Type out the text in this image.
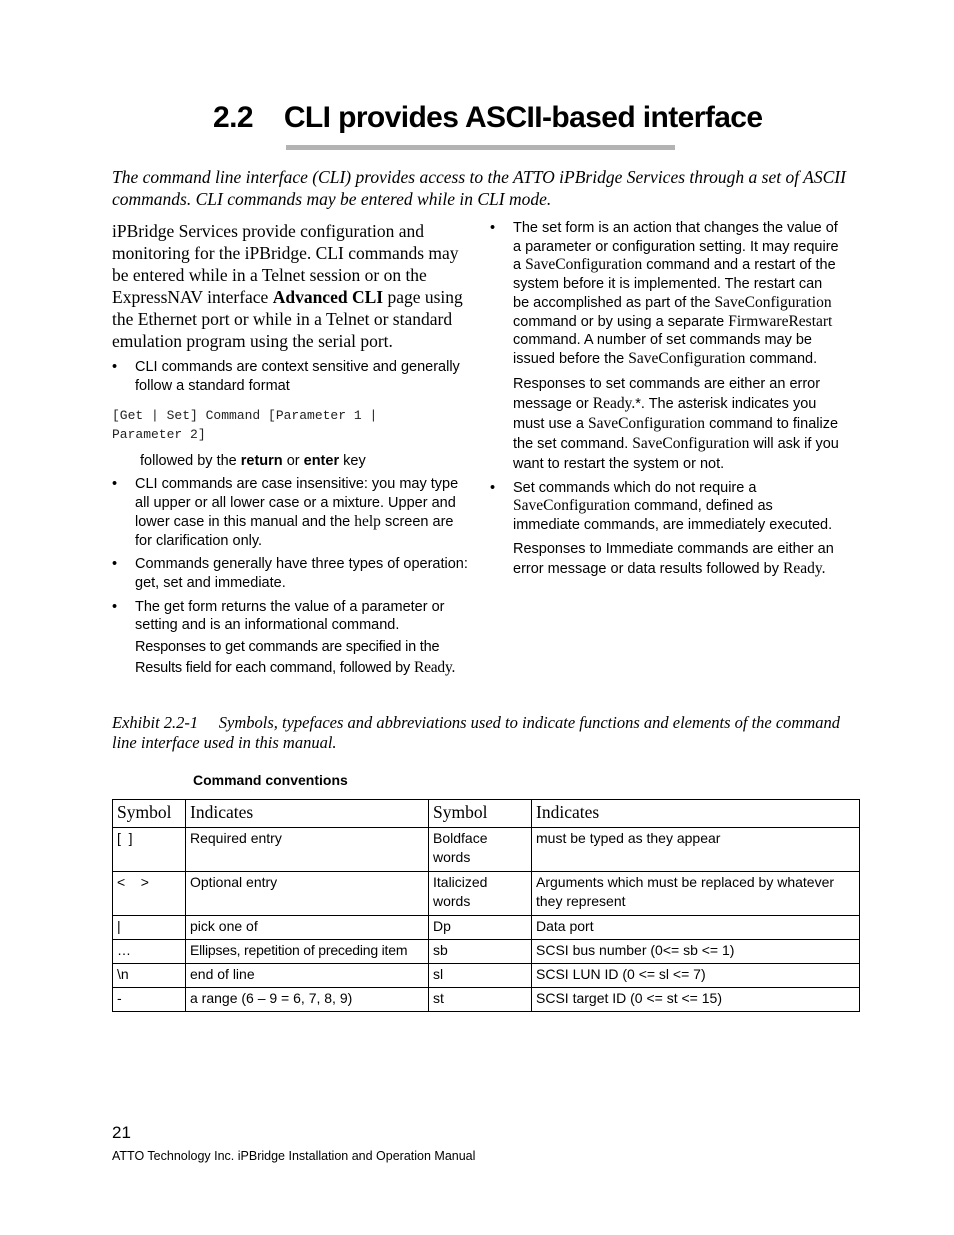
2.2    CLI provides ASCII-based interface

The command line interface (CLI) provides access to the ATTO iPBridge Services through a set of ASCII commands. CLI commands may be entered while in CLI mode.

iPBridge Services provide configuration and monitoring for the iPBridge. CLI commands may be entered while in a Telnet session or on the ExpressNAV interface Advanced CLI page using the Ethernet port or while in a Telnet or standard emulation program using the serial port.

• CLI commands are context sensitive and generally follow a standard format

[Get | Set] Command [Parameter 1 |

Parameter 2]

followed by the return or enter key
• CLI commands are case insensitive: you may type all upper or all lower case or a mixture. Upper and lower case in this manual and the help screen are for clarification only.
• Commands generally have three types of operation: get, set and immediate.
• The get form returns the value of a parameter or setting and is an informational command.
Responses to get commands are specified in the Results field for each command, followed by Ready.
• The set form is an action that changes the value of a parameter or configuration setting. It may require a SaveConfiguration command and a restart of the system before it is implemented. The restart can be accomplished as part of the SaveConfiguration command or by using a separate FirmwareRestart command. A number of set commands may be issued before the SaveConfiguration command.
Responses to set commands are either an error message or Ready.*. The asterisk indicates you must use a SaveConfiguration command to finalize the set command. SaveConfiguration will ask if you want to restart the system or not.
• Set commands which do not require a SaveConfiguration command, defined as immediate commands, are immediately executed.
Responses to Immediate commands are either an error message or data results followed by Ready.

Exhibit 2.2-1     Symbols, typefaces and abbreviations used to indicate functions and elements of the command line interface used in this manual.

Command conventions
Symbol	Indicates	Symbol	Indicates
[  ]	Required entry	Boldface words	must be typed as they appear
<    >	Optional entry	Italicized words	Arguments which must be replaced by whatever they represent
|	pick one of	Dp	Data port
…	Ellipses, repetition of preceding item	sb	SCSI bus number (0<= sb <= 1)
\n	end of line	sl	SCSI LUN ID (0 <= sl <= 7)
-	a range (6 – 9 = 6, 7, 8, 9)	st	SCSI target ID (0 <= st <= 15)
21
ATTO Technology Inc. iPBridge Installation and Operation Manual
